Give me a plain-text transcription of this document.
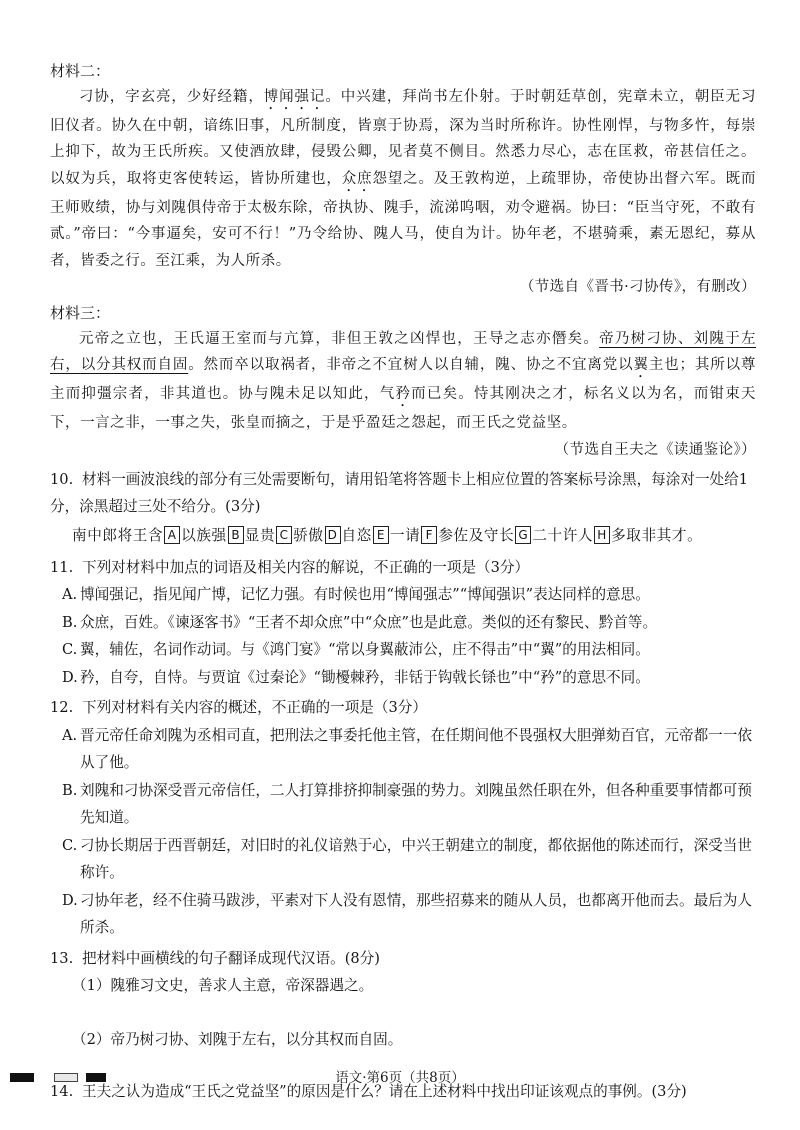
材料二：

刁协，字玄亮，少好经籍，博闻强记。中兴建，拜尚书左仆射。于时朝廷草创，宪章未立，朝臣无习旧仪者。协久在中朝，谙练旧事，凡所制度，皆禀于协焉，深为当时所称许。协性刚悍，与物多忤，每崇上抑下，故为王氏所疾。又使酒放肆，侵毁公卿，见者莫不侧目。然悉力尽心，志在匡救，帝甚信任之。以奴为兵，取将吏客使转运，皆协所建也，众庶怨望之。及王敦构逆，上疏罪协，帝使协出督六军。既而王师败绩，协与刘隗俱侍帝于太极东除，帝执协、隗手，流涕呜咽，劝令避祸。协曰：“臣当守死，不敢有贰。”帝曰：“今事逼矣，安可不行！”乃令给协、隗人马，使自为计。协年老，不堪骑乘，素无恩纪，募从者，皆委之行。至江乘，为人所杀。

（节选自《晋书·刁协传》，有删改）
材料三：

元帝之立也，王氏逼王室而与亢算，非但王敦之凶悍也，王导之志亦僭矣。帝乃树刁协、刘隗于左右，以分其权而自固。然而卒以取祸者，非帝之不宜树人以自辅，隗、协之不宜离党以翼主也；其所以尊主而抑彊宗者，非其道也。协与隗未足以知此，气矜而已矣。恃其刚决之才，标名义以为名，而钳束天下，一言之非，一事之失，张皇而摘之，于是乎盈廷之怨起，而王氏之党益坚。

（节选自王夫之《读通鉴论》）
10. 材料一画波浪线的部分有三处需要断句，请用铅笔将答题卡上相应位置的答案标号涂黑，每涂对一处给1分，涂黑超过三处不给分。(3分)
南中郎将王含 A 以族强 B 显贵 C 骄傲 D 自恣 E 一请 F 参佐及守长 G 二十许人 H 多取非其才。
11. 下列对材料中加点的词语及相关内容的解说，不正确的一项是（3分）
A. 博闻强记，指见闻广博，记忆力强。有时候也用“博闻强志”“博闻强识”表达同样的意思。
B. 众庶，百姓。《谏逐客书》“王者不却众庶”中“众庶”也是此意。类似的还有黎民、黔首等。
C. 翼，辅佐，名词作动词。与《鸿门宴》“常以身翼蔽沛公，庄不得击”中“翼”的用法相同。
D. 矜，自夸，自恃。与贾谊《过秦论》“锄櫌棘矜，非铦于钩戟长铩也”中“矜”的意思不同。
12. 下列对材料有关内容的概述，不正确的一项是（3分）
A. 晋元帝任命刘隗为丞相司直，把刑法之事委托他主管，在任期间他不畏强权大胆弹劾百官，元帝都一一依从了他。
B. 刘隗和刁协深受晋元帝信任，二人打算排挤抑制豪强的势力。刘隗虽然任职在外，但各种重要事情都可预先知道。
C. 刁协长期居于西晋朝廷，对旧时的礼仪谙熟于心，中兴王朝建立的制度，都依据他的陈述而行，深受当世称许。
D. 刁协年老，经不住骑马跋涉，平素对下人没有恩情，那些招募来的随从人员，也都离开他而去。最后为人所杀。
13. 把材料中画横线的句子翻译成现代汉语。(8分)
（1）隗雅习文史，善求人主意，帝深器遇之。
（2）帝乃树刁协、刘隗于左右，以分其权而自固。
14. 王夫之认为造成“王氏之党益坚”的原因是什么？请在上述材料中找出印证该观点的事例。(3分)
语文·第6页（共8页）
